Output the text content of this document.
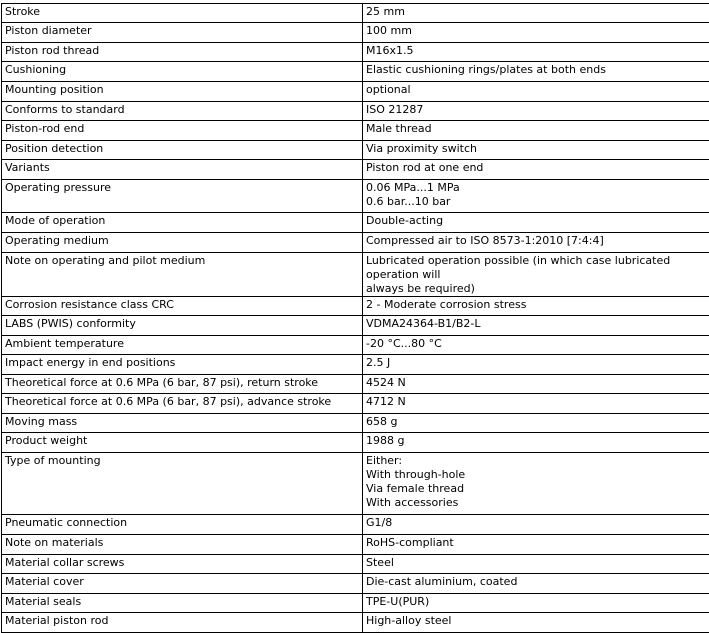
Stroke	25 mm

Piston diameter	100 mm

Piston rod thread	M16x1.5

Cushioning	Elastic cushioning rings/plates at both ends

Mounting position	optional

Conforms to standard	ISO 21287

Piston-rod end	Male thread

Position detection	Via proximity switch

Variants	Piston rod at one end

Operating pressure	0.06 MPa...1 MPa
0.6 bar...10 bar

Mode of operation	Double-acting

Operating medium	Compressed air to ISO 8573-1:2010 [7:4:4]

Note on operating and pilot medium	Lubricated operation possible (in which case lubricated operation will
always be required)

Corrosion resistance class CRC	2 - Moderate corrosion stress

LABS (PWIS) conformity	VDMA24364-B1/B2-L

Ambient temperature	-20 °C...80 °C

Impact energy in end positions	2.5 J

Theoretical force at 0.6 MPa (6 bar, 87 psi), return stroke	4524 N

Theoretical force at 0.6 MPa (6 bar, 87 psi), advance stroke	4712 N

Moving mass	658 g

Product weight	1988 g

Type of mounting	Either:
With through-hole
Via female thread
With accessories

Pneumatic connection	G1/8

Note on materials	RoHS-compliant

Material collar screws	Steel

Material cover	Die-cast aluminium, coated

Material seals	TPE-U(PUR)

Material piston rod	High-alloy steel
